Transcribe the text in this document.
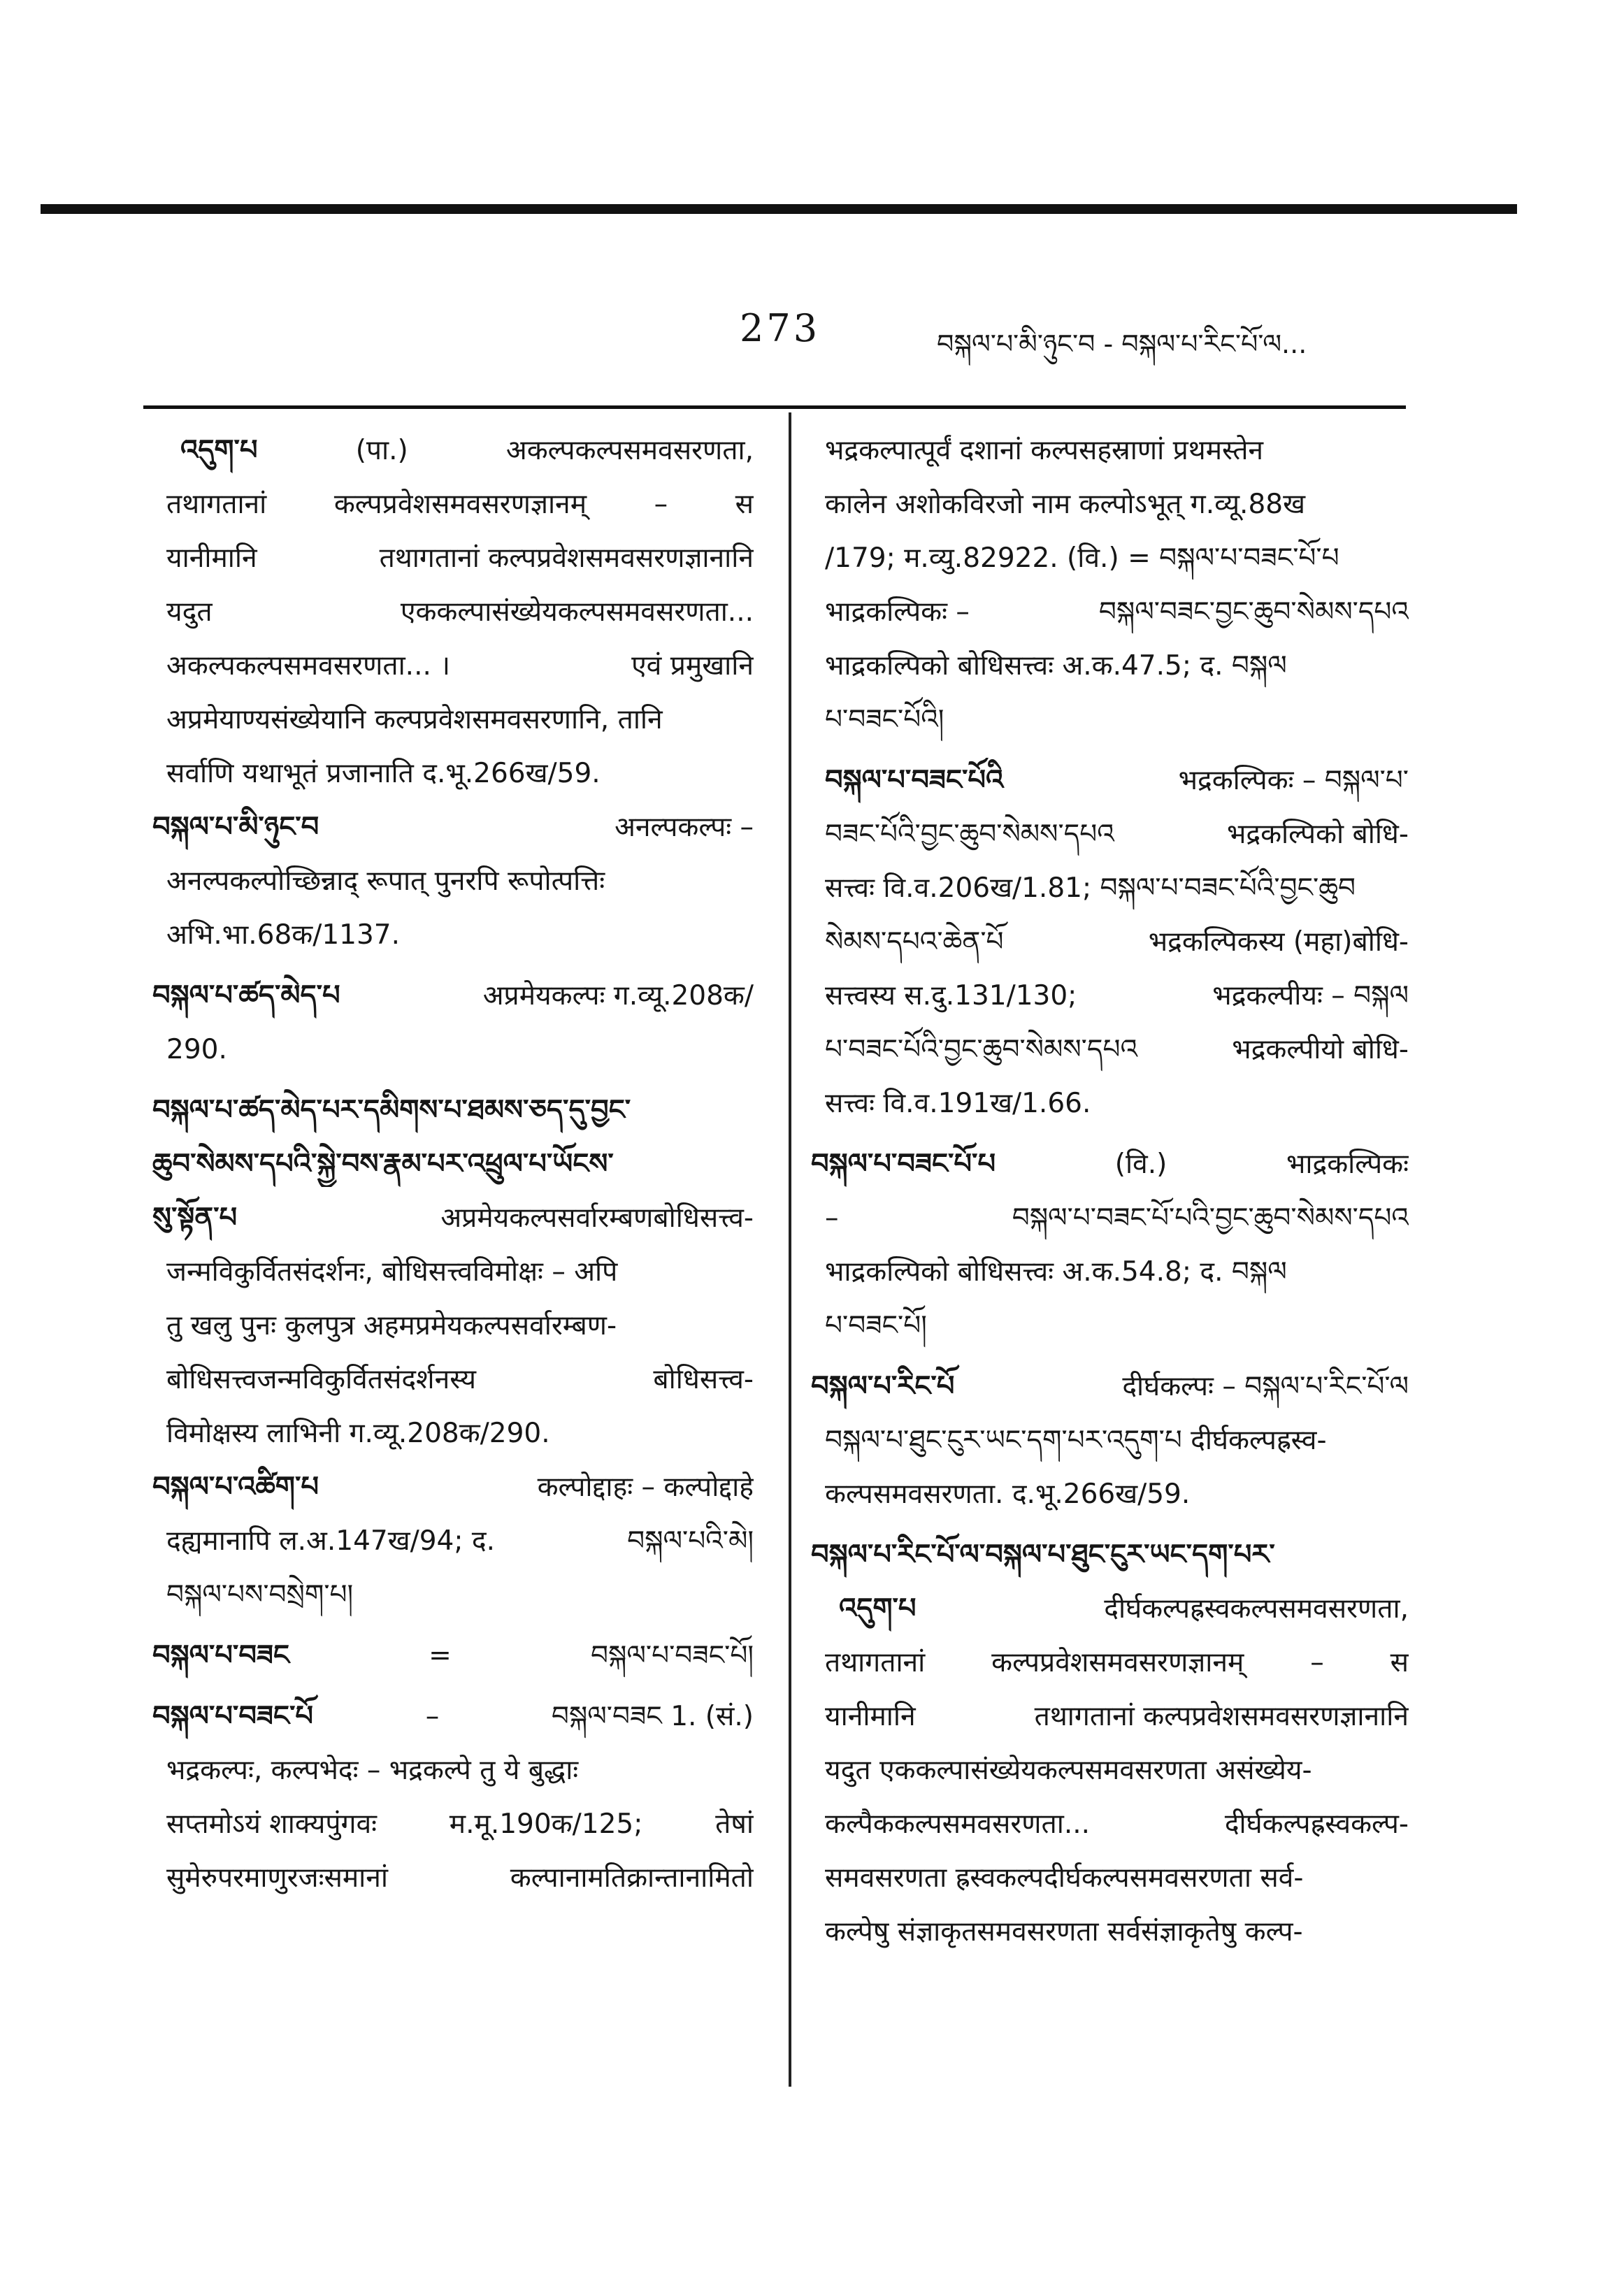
273	བསྐལ་པ་མི་ཉུང་བ - བསྐལ་པ་རིང་པོ་ལ...
འདུག་པ	(पा.)	अकल्पकल्पसमवसरणता,
तथागतानां कल्पप्रवेशसमवसरणज्ञानम् – स
यानीमानि	तथागतानां कल्पप्रवेशसमवसरणज्ञानानि
यदुत	एककल्पासंख्येयकल्पसमवसरणता...
अकल्पकल्पसमवसरणता... ।	एवं प्रमुखानि
अप्रमेयाण्यसंख्येयानि कल्पप्रवेशसमवसरणानि, तानि
सर्वाणि यथाभूतं प्रजानाति द.भू.266ख/59.
བསྐལ་པ་མི་ཉུང་བ	अनल्पकल्पः –
अनल्पकल्पोच्छिन्नाद् रूपात् पुनरपि रूपोत्पत्तिः
अभि.भा.68क/1137.
བསྐལ་པ་ཚད་མེད་པ	अप्रमेयकल्पः ग.व्यू.208क/
290.
བསྐལ་པ་ཚད་མེད་པར་དམིགས་པ་ཐམས་ཅད་དུ་བྱང་
ཆུབ་སེམས་དཔའི་སྐྱེ་བས་རྣམ་པར་འཕྲུལ་པ་ཡོངས་
སུ་སྟོན་པ	अप्रमेयकल्पसर्वारम्बणबोधिसत्त्व-
जन्मविकुर्वितसंदर्शनः, बोधिसत्त्वविमोक्षः – अपि
तु खलु पुनः कुलपुत्र अहमप्रमेयकल्पसर्वारम्बण-
बोधिसत्त्वजन्मविकुर्वितसंदर्शनस्य	बोधिसत्त्व-
विमोक्षस्य लाभिनी ग.व्यू.208क/290.
བསྐལ་པ་འཚིག་པ	कल्पोद्दाहः – कल्पोद्दाहे
दह्यमानापि ल.अ.147ख/94; द.	བསྐལ་པའི་མེ།
བསྐལ་པས་བསྲེག་པ།
བསྐལ་པ་བཟང	=	བསྐལ་པ་བཟང་པོ།
བསྐལ་པ་བཟང་པོ	–	བསྐལ་བཟང 1. (सं.)
भद्रकल्पः, कल्पभेदः – भद्रकल्पे तु ये बुद्धाः
सप्तमोऽयं शाक्यपुंगवः	म.मू.190क/125;	तेषां
सुमेरुपरमाणुरजःसमानां	कल्पानामतिक्रान्तानामितो
भद्रकल्पात्पूर्वं दशानां कल्पसहस्राणां प्रथमस्तेन
कालेन अशोकविरजो नाम कल्पोऽभूत् ग.व्यू.88ख
/179; म.व्यु.8292 2. (वि.) = བསྐལ་པ་བཟང་པོ་པ
भाद्रकल्पिकः –	བསྐལ་བཟང་བྱང་ཆུབ་སེམས་དཔའ
भाद्रकल्पिको बोधिसत्त्वः अ.क.47.5; द. བསྐལ
པ་བཟང་པོའི།
བསྐལ་པ་བཟང་པོའི	भद्रकल्पिकः – བསྐལ་པ་
བཟང་པོའི་བྱང་ཆུབ་སེམས་དཔའ	भद्रकल्पिको बोधि-
सत्त्वः वि.व.206ख/1.81; བསྐལ་པ་བཟང་པོའི་བྱང་ཆུབ
སེམས་དཔའ་ཆེན་པོ	भद्रकल्पिकस्य (महा)बोधि-
सत्त्वस्य स.दु.131/130;	भद्रकल्पीयः – བསྐལ
པ་བཟང་པོའི་བྱང་ཆུབ་སེམས་དཔའ	भद्रकल्पीयो बोधि-
सत्त्वः वि.व.191ख/1.66.
བསྐལ་པ་བཟང་པོ་པ	(वि.)	भाद्रकल्पिकः
–	བསྐལ་པ་བཟང་པོ་པའི་བྱང་ཆུབ་སེམས་དཔའ
भाद्रकल्पिको बोधिसत्त्वः अ.क.54.8; द. བསྐལ
པ་བཟང་པོ།
བསྐལ་པ་རིང་པོ	दीर्घकल्पः – བསྐལ་པ་རིང་པོ་ལ
བསྐལ་པ་ཐུང་ངུར་ཡང་དག་པར་འདུག་པ दीर्घकल्पह्रस्व-
कल्पसमवसरणता. द.भू.266ख/59.
བསྐལ་པ་རིང་པོ་ལ་བསྐལ་པ་ཐུང་ངུར་ཡང་དག་པར་
འདུག་པ	दीर्घकल्पह्रस्वकल्पसमवसरणता,
तथागतानां कल्पप्रवेशसमवसरणज्ञानम् – स
यानीमानि	तथागतानां कल्पप्रवेशसमवसरणज्ञानानि
यदुत एककल्पासंख्येयकल्पसमवसरणता असंख्येय-
कल्पैककल्पसमवसरणता...	दीर्घकल्पह्रस्वकल्प-
समवसरणता ह्रस्वकल्पदीर्घकल्पसमवसरणता सर्व-
कल्पेषु संज्ञाकृतसमवसरणता सर्वसंज्ञाकृतेषु कल्प-
